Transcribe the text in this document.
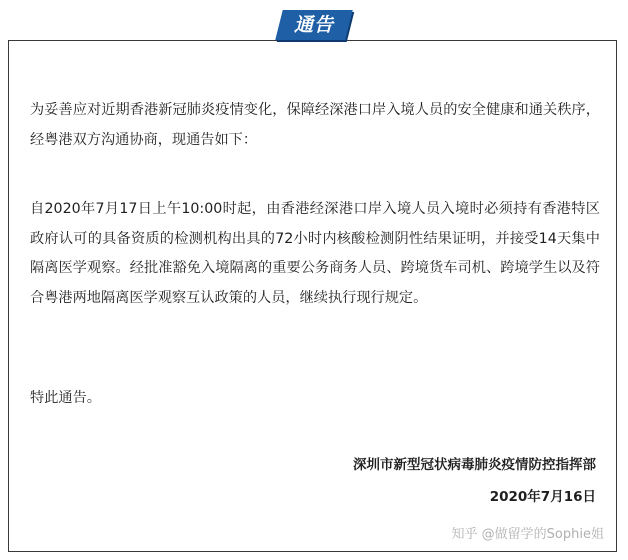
通告

为妥善应对近期香港新冠肺炎疫情变化，保障经深港口岸入境人员的安全健康和通关秩序，经粤港双方沟通协商，现通告如下：

自2020年7月17日上午10:00时起，由香港经深港口岸入境人员入境时必须持有香港特区政府认可的具备资质的检测机构出具的72小时内核酸检测阴性结果证明，并接受14天集中隔离医学观察。经批准豁免入境隔离的重要公务商务人员、跨境货车司机、跨境学生以及符合粤港两地隔离医学观察互认政策的人员，继续执行现行规定。

特此通告。

深圳市新型冠状病毒肺炎疫情防控指挥部
2020年7月16日
知乎 @做留学的Sophie姐
